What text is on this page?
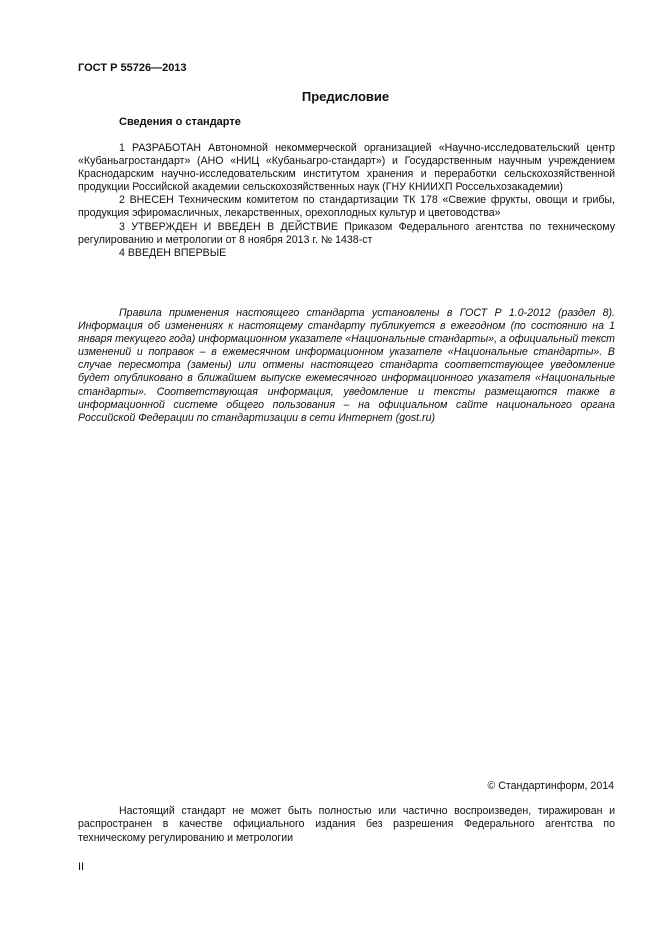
ГОСТ Р 55726—2013
Предисловие
Сведения о стандарте

1 РАЗРАБОТАН Автономной некоммерческой организацией «Научно-исследовательский центр «Кубаньагростандарт» (АНО «НИЦ «Кубаньагро-стандарт») и Государственным научным учреждением Краснодарским научно-исследовательским институтом хранения и переработки сельскохозяйственной продукции Российской академии сельскохозяйственных наук (ГНУ КНИИХП Россельхозакадемии)

2 ВНЕСЕН Техническим комитетом по стандартизации ТК 178 «Свежие фрукты, овощи и грибы, продукция эфиромасличных, лекарственных, орехоплодных культур и цветоводства»

3 УТВЕРЖДЕН И ВВЕДЕН В ДЕЙСТВИЕ Приказом Федерального агентства по техническому регулированию и метрологии от 8 ноября 2013 г. № 1438-ст

4 ВВЕДЕН ВПЕРВЫЕ

Правила применения настоящего стандарта установлены в ГОСТ Р 1.0-2012 (раздел 8). Информация об изменениях к настоящему стандарту публикуется в ежегодном (по состоянию на 1 января текущего года) информационном указателе «Национальные стандарты», а официальный текст изменений и поправок – в ежемесячном информационном указателе «Национальные стандарты». В случае пересмотра (замены) или отмены настоящего стандарта соответствующее уведомление будет опубликовано в ближайшем выпуске ежемесячного информационного указателя «Национальные стандарты». Соответствующая информация, уведомление и тексты размещаются также в информационной системе общего пользования – на официальном сайте национального органа Российской Федерации по стандартизации в сети Интернет (gost.ru)

© Стандартинформ, 2014
Настоящий стандарт не может быть полностью или частично воспроизведен, тиражирован и распространен в качестве официального издания без разрешения Федерального агентства по техническому регулированию и метрологии
II
